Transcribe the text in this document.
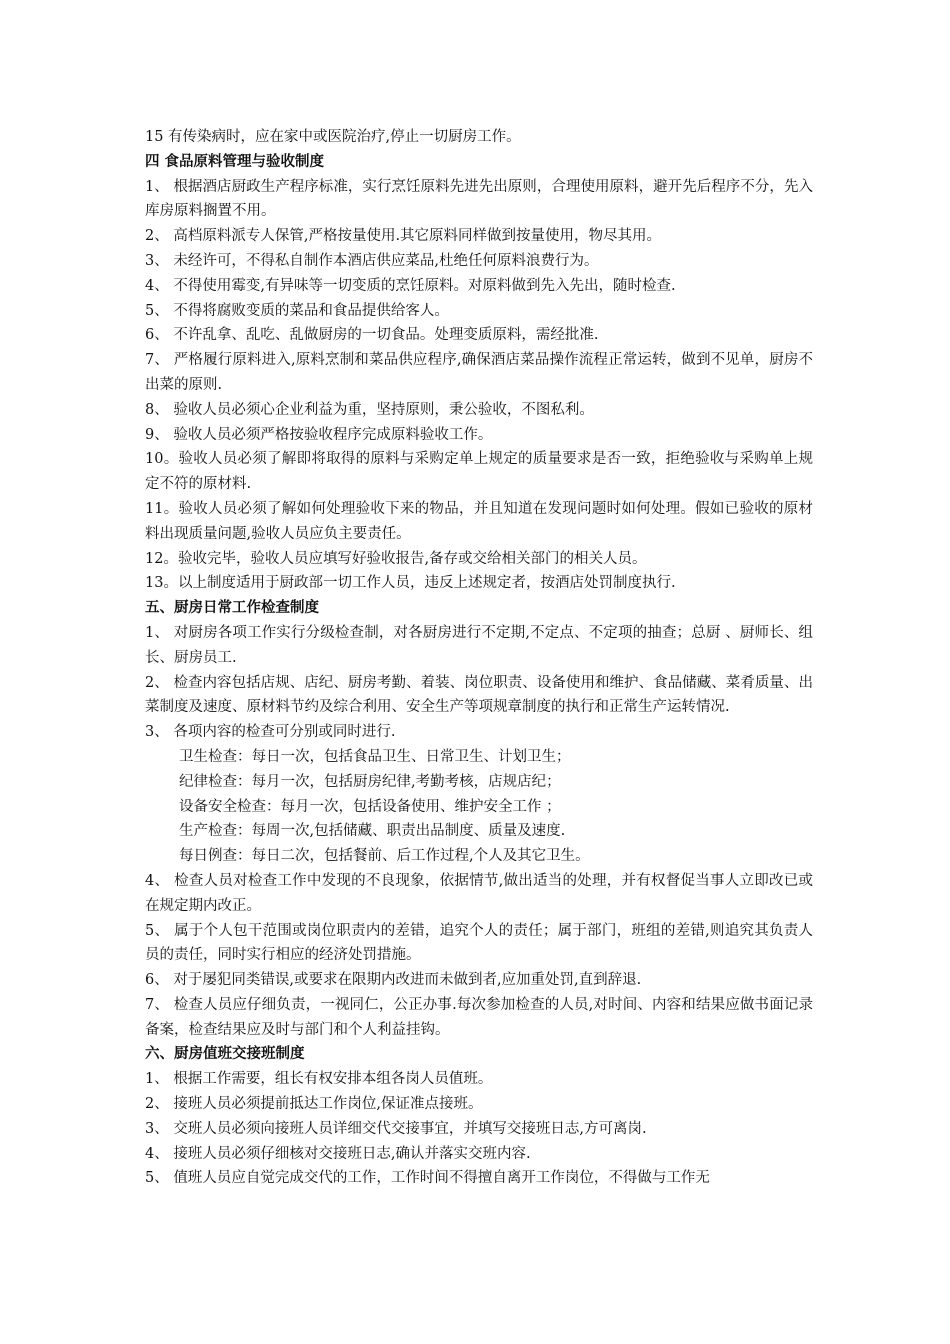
15 有传染病时，应在家中或医院治疗,停止一切厨房工作。

四 食品原料管理与验收制度

1、 根据酒店厨政生产程序标准，实行烹饪原料先进先出原则，合理使用原料，避开先后程序不分，先入库房原料搁置不用。

2、 高档原料派专人保管,严格按量使用.其它原料同样做到按量使用，物尽其用。

3、 未经许可，不得私自制作本酒店供应菜品,杜绝任何原料浪费行为。

4、 不得使用霉变,有异味等一切变质的烹饪原料。对原料做到先入先出，随时检查.

5、 不得将腐败变质的菜品和食品提供给客人。

6、 不许乱拿、乱吃、乱做厨房的一切食品。处理变质原料，需经批准.

7、 严格履行原料进入,原料烹制和菜品供应程序,确保酒店菜品操作流程正常运转，做到不见单，厨房不出菜的原则.

8、 验收人员必须心企业利益为重，坚持原则，秉公验收，不图私利。

9、 验收人员必须严格按验收程序完成原料验收工作。

10。验收人员必须了解即将取得的原料与采购定单上规定的质量要求是否一致，拒绝验收与采购单上规定不符的原材料.

11。验收人员必须了解如何处理验收下来的物品，并且知道在发现问题时如何处理。假如已验收的原材料出现质量问题,验收人员应负主要责任。

12。验收完毕，验收人员应填写好验收报告,备存或交给相关部门的相关人员。

13。以上制度适用于厨政部一切工作人员，违反上述规定者，按酒店处罚制度执行.

五、厨房日常工作检查制度

1、 对厨房各项工作实行分级检查制，对各厨房进行不定期,不定点、不定项的抽查；总厨 、厨师长、组长、厨房员工.

2、 检查内容包括店规、店纪、厨房考勤、着装、岗位职责、设备使用和维护、食品储藏、菜肴质量、出菜制度及速度、原材料节约及综合利用、安全生产等项规章制度的执行和正常生产运转情况.

3、 各项内容的检查可分别或同时进行.

卫生检查：每日一次，包括食品卫生、日常卫生、计划卫生；

纪律检查：每月一次，包括厨房纪律,考勤考核，店规店纪；

设备安全检查：每月一次，包括设备使用、维护安全工作 ；

生产检查：每周一次,包括储藏、职责出品制度、质量及速度.

每日例查：每日二次，包括餐前、后工作过程,个人及其它卫生。

4、 检查人员对检查工作中发现的不良现象，依据情节,做出适当的处理，并有权督促当事人立即改已或在规定期内改正。

5、 属于个人包干范围或岗位职责内的差错，追究个人的责任；属于部门，班组的差错,则追究其负责人员的责任，同时实行相应的经济处罚措施。

6、 对于屡犯同类错误,或要求在限期内改进而未做到者,应加重处罚,直到辞退.

7、 检查人员应仔细负责，一视同仁，公正办事.每次参加检查的人员,对时间、内容和结果应做书面记录备案，检查结果应及时与部门和个人利益挂钩。

六、厨房值班交接班制度

1、 根据工作需要，组长有权安排本组各岗人员值班。

2、 接班人员必须提前抵达工作岗位,保证准点接班。

3、 交班人员必须向接班人员详细交代交接事宜，并填写交接班日志,方可离岗.

4、 接班人员必须仔细核对交接班日志,确认并落实交班内容.

5、 值班人员应自觉完成交代的工作，工作时间不得擅自离开工作岗位，不得做与工作无
